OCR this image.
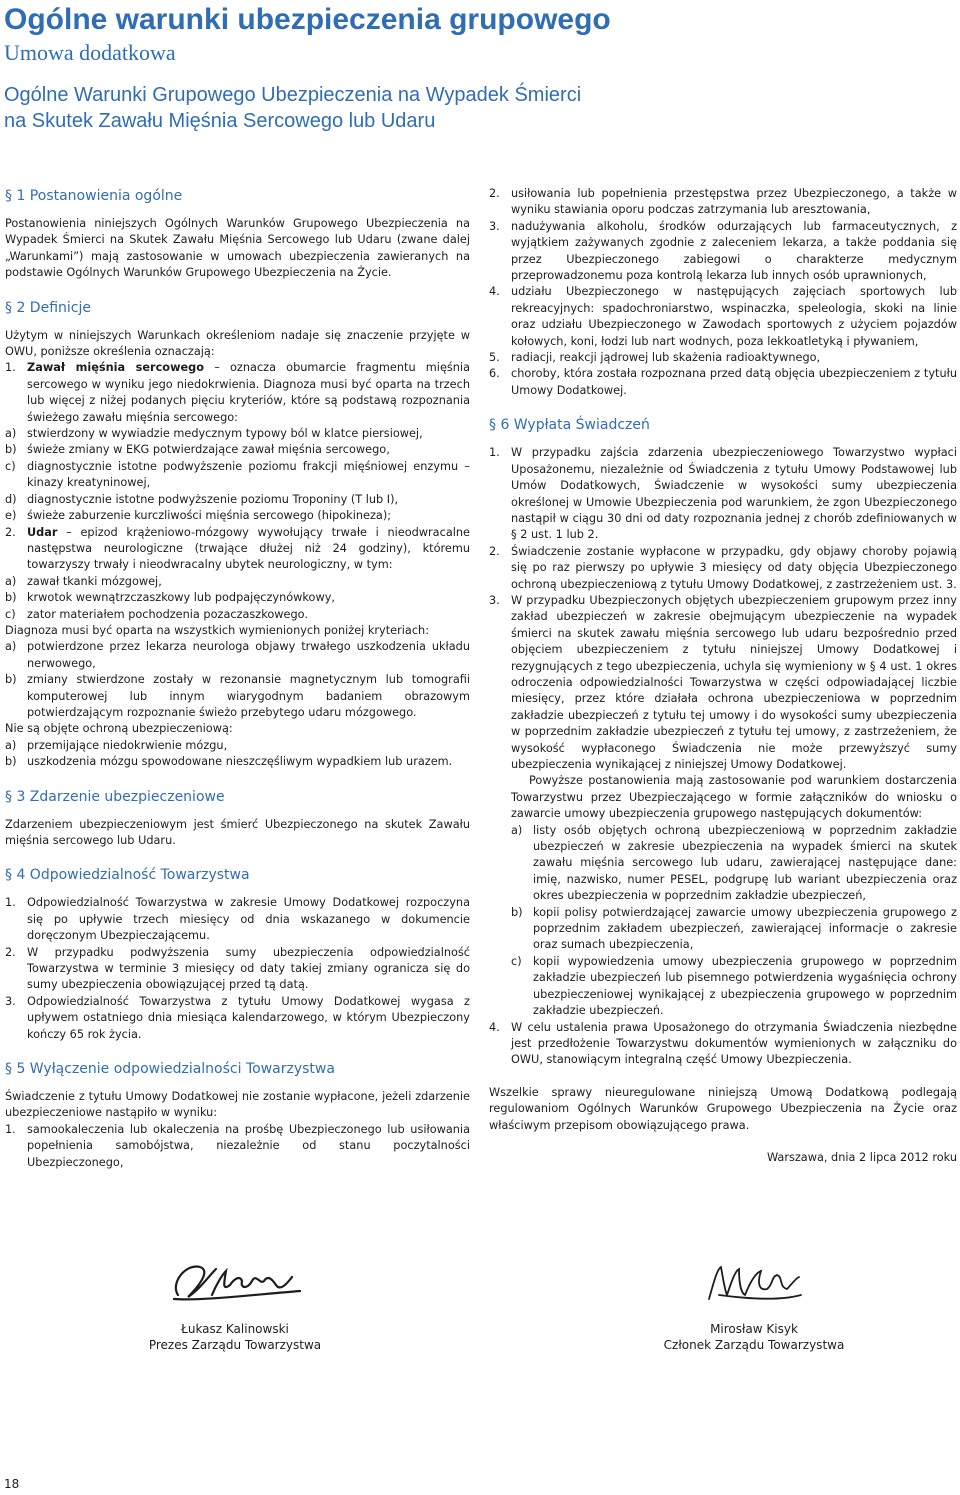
Ogólne warunki ubezpieczenia grupowego
Umowa dodatkowa
Ogólne Warunki Grupowego Ubezpieczenia na Wypadek Śmierci
na Skutek Zawału Mięśnia Sercowego lub Udaru
§ 1 Postanowienia ogólne

Postanowienia niniejszych Ogólnych Warunków Grupowego Ubezpieczenia na Wypadek Śmierci na Skutek Zawału Mięśnia Sercowego lub Udaru (zwane dalej „Warunkami”) mają zastosowanie w umowach ubezpieczenia zawieranych na podstawie Ogólnych Warunków Grupowego Ubezpieczenia na Życie.

§ 2 Definicje

Użytym w niniejszych Warunkach określeniom nadaje się znaczenie przyjęte w OWU, poniższe określenia oznaczają:

1. Zawał mięśnia sercowego – oznacza obumarcie fragmentu mięśnia sercowego w wyniku jego niedokrwienia. Diagnoza musi być oparta na trzech lub więcej z niżej podanych pięciu kryteriów, które są podstawą rozpoznania świeżego zawału mięśnia sercowego:
a) stwierdzony w wywiadzie medycznym typowy ból w klatce piersiowej,
b) świeże zmiany w EKG potwierdzające zawał mięśnia sercowego,
c)	diagnostycznie istotne podwyższenie poziomu frakcji mięśniowej enzymu – kinazy kreatyninowej,
d) diagnostycznie istotne podwyższenie poziomu Troponiny (T lub I),
e) świeże zaburzenie kurczliwości mięśnia sercowego (hipokineza);
2. Udar – epizod krążeniowo-mózgowy wywołujący trwałe i nieodwracalne następstwa neurologiczne (trwające dłużej niż 24 godziny), któremu towarzyszy trwały i nieodwracalny ubytek neurologiczny, w tym:
a) zawał tkanki mózgowej,
b) krwotok wewnątrzczaszkowy lub podpajęczynówkowy,
c)	zator materiałem pochodzenia pozaczaszkowego.

Diagnoza musi być oparta na wszystkich wymienionych poniżej kryteriach:

a) potwierdzone przez lekarza neurologa objawy trwałego uszkodzenia układu nerwowego,
b) zmiany stwierdzone zostały w rezonansie magnetycznym lub tomografii komputerowej lub innym wiarygodnym badaniem obrazowym potwierdzającym rozpoznanie świeżo przebytego udaru mózgowego.

Nie są objęte ochroną ubezpieczeniową:

a) przemijające niedokrwienie mózgu,
b) uszkodzenia mózgu spowodowane nieszczęśliwym wypadkiem lub urazem.
§ 3 Zdarzenie ubezpieczeniowe

Zdarzeniem ubezpieczeniowym jest śmierć Ubezpieczonego na skutek Zawału mięśnia sercowego lub Udaru.

§ 4 Odpowiedzialność Towarzystwa
1. Odpowiedzialność Towarzystwa w zakresie Umowy Dodatkowej rozpoczyna się po upływie trzech miesięcy od dnia wskazanego w dokumencie doręczonym Ubezpieczającemu.
2. W przypadku podwyższenia sumy ubezpieczenia odpowiedzialność Towarzystwa w terminie 3 miesięcy od daty takiej zmiany ogranicza się do sumy ubezpieczenia obowiązującej przed tą datą.
3. Odpowiedzialność Towarzystwa z tytułu Umowy Dodatkowej wygasa z upływem ostatniego dnia miesiąca kalendarzowego, w którym Ubezpieczony kończy 65 rok życia.
§ 5 Wyłączenie odpowiedzialności Towarzystwa

Świadczenie z tytułu Umowy Dodatkowej nie zostanie wypłacone, jeżeli zdarzenie ubezpieczeniowe nastąpiło w wyniku:

1. samookaleczenia lub okaleczenia na prośbę Ubezpieczonego lub usiłowania popełnienia samobójstwa, niezależnie od stanu poczytalności Ubezpieczonego,
2. usiłowania lub popełnienia przestępstwa przez Ubezpieczonego, a także w wyniku stawiania oporu podczas zatrzymania lub aresztowania,
3. nadużywania alkoholu, środków odurzających lub farmaceutycznych, z wyjątkiem zażywanych zgodnie z zaleceniem lekarza, a także poddania się przez Ubezpieczonego zabiegowi o charakterze medycznym przeprowadzonemu poza kontrolą lekarza lub innych osób uprawnionych,
4. udziału Ubezpieczonego w następujących zajęciach sportowych lub rekreacyjnych: spadochroniarstwo, wspinaczka, speleologia, skoki na linie oraz udziału Ubezpieczonego w Zawodach sportowych z użyciem pojazdów kołowych, koni, łodzi lub nart wodnych, poza lekkoatletyką i pływaniem,
5. radiacji, reakcji jądrowej lub skażenia radioaktywnego,
6. choroby, która została rozpoznana przed datą objęcia ubezpieczeniem z tytułu Umowy Dodatkowej.
§ 6 Wypłata Świadczeń
1. W przypadku zajścia zdarzenia ubezpieczeniowego Towarzystwo wypłaci Uposażonemu, niezależnie od Świadczenia z tytułu Umowy Podstawowej lub Umów Dodatkowych, Świadczenie w wysokości sumy ubezpieczenia określonej w Umowie Ubezpieczenia pod warunkiem, że zgon Ubezpieczonego nastąpił w ciągu 30 dni od daty rozpoznania jednej z chorób zdefiniowanych w § 2 ust. 1 lub 2.
2. Świadczenie zostanie wypłacone w przypadku, gdy objawy choroby pojawią się po raz pierwszy po upływie 3 miesięcy od daty objęcia Ubezpieczonego ochroną ubezpieczeniową z tytułu Umowy Dodatkowej, z zastrzeżeniem ust. 3.
3. W przypadku Ubezpieczonych objętych ubezpieczeniem grupowym przez inny zakład ubezpieczeń w zakresie obejmującym ubezpieczenie na wypadek śmierci na skutek zawału mięśnia sercowego lub udaru bezpośrednio przed objęciem ubezpieczeniem z tytułu niniejszej Umowy Dodatkowej i rezygnujących z tego ubezpieczenia, uchyla się wymieniony w § 4 ust. 1 okres odroczenia odpowiedzialności Towarzystwa w części odpowiadającej liczbie miesięcy, przez które działała ochrona ubezpieczeniowa w poprzednim zakładzie ubezpieczeń z tytułu tej umowy i do wysokości sumy ubezpieczenia w poprzednim zakładzie ubezpieczeń z tytułu tej umowy, z zastrzeżeniem, że wysokość wypłaconego Świadczenia nie może przewyższyć sumy ubezpieczenia wynikającej z niniejszej Umowy Dodatkowej.
Powyższe postanowienia mają zastosowanie pod warunkiem dostarczenia Towarzystwu przez Ubezpieczającego w formie załączników do wniosku o zawarcie umowy ubezpieczenia grupowego następujących dokumentów:
a) listy osób objętych ochroną ubezpieczeniową w poprzednim zakładzie ubezpieczeń w zakresie ubezpieczenia na wypadek śmierci na skutek zawału mięśnia sercowego lub udaru, zawierającej następujące dane: imię, nazwisko, numer PESEL, podgrupę lub wariant ubezpieczenia oraz okres ubezpieczenia w poprzednim zakładzie ubezpieczeń,
b) kopii polisy potwierdzającej zawarcie umowy ubezpieczenia grupowego z poprzednim zakładem ubezpieczeń, zawierającej informacje o zakresie oraz sumach ubezpieczenia,
c)	kopii wypowiedzenia umowy ubezpieczenia grupowego w poprzednim zakładzie ubezpieczeń lub pisemnego potwierdzenia wygaśnięcia ochrony ubezpieczeniowej wynikającej z ubezpieczenia grupowego w poprzednim zakładzie ubezpieczeń.
4. W celu ustalenia prawa Uposażonego do otrzymania Świadczenia niezbędne jest przedłożenie Towarzystwu dokumentów wymienionych w załączniku do OWU, stanowiącym integralną część Umowy Ubezpieczenia.

Wszelkie sprawy nieuregulowane niniejszą Umową Dodatkową podlegają regulowaniom Ogólnych Warunków Grupowego Ubezpieczenia na Życie oraz właściwym przepisom obowiązującego prawa.

Warszawa, dnia 2 lipca 2012 roku

Łukasz Kalinowski
Prezes Zarządu Towarzystwa
Mirosław Kisyk
Członek Zarządu Towarzystwa
18
